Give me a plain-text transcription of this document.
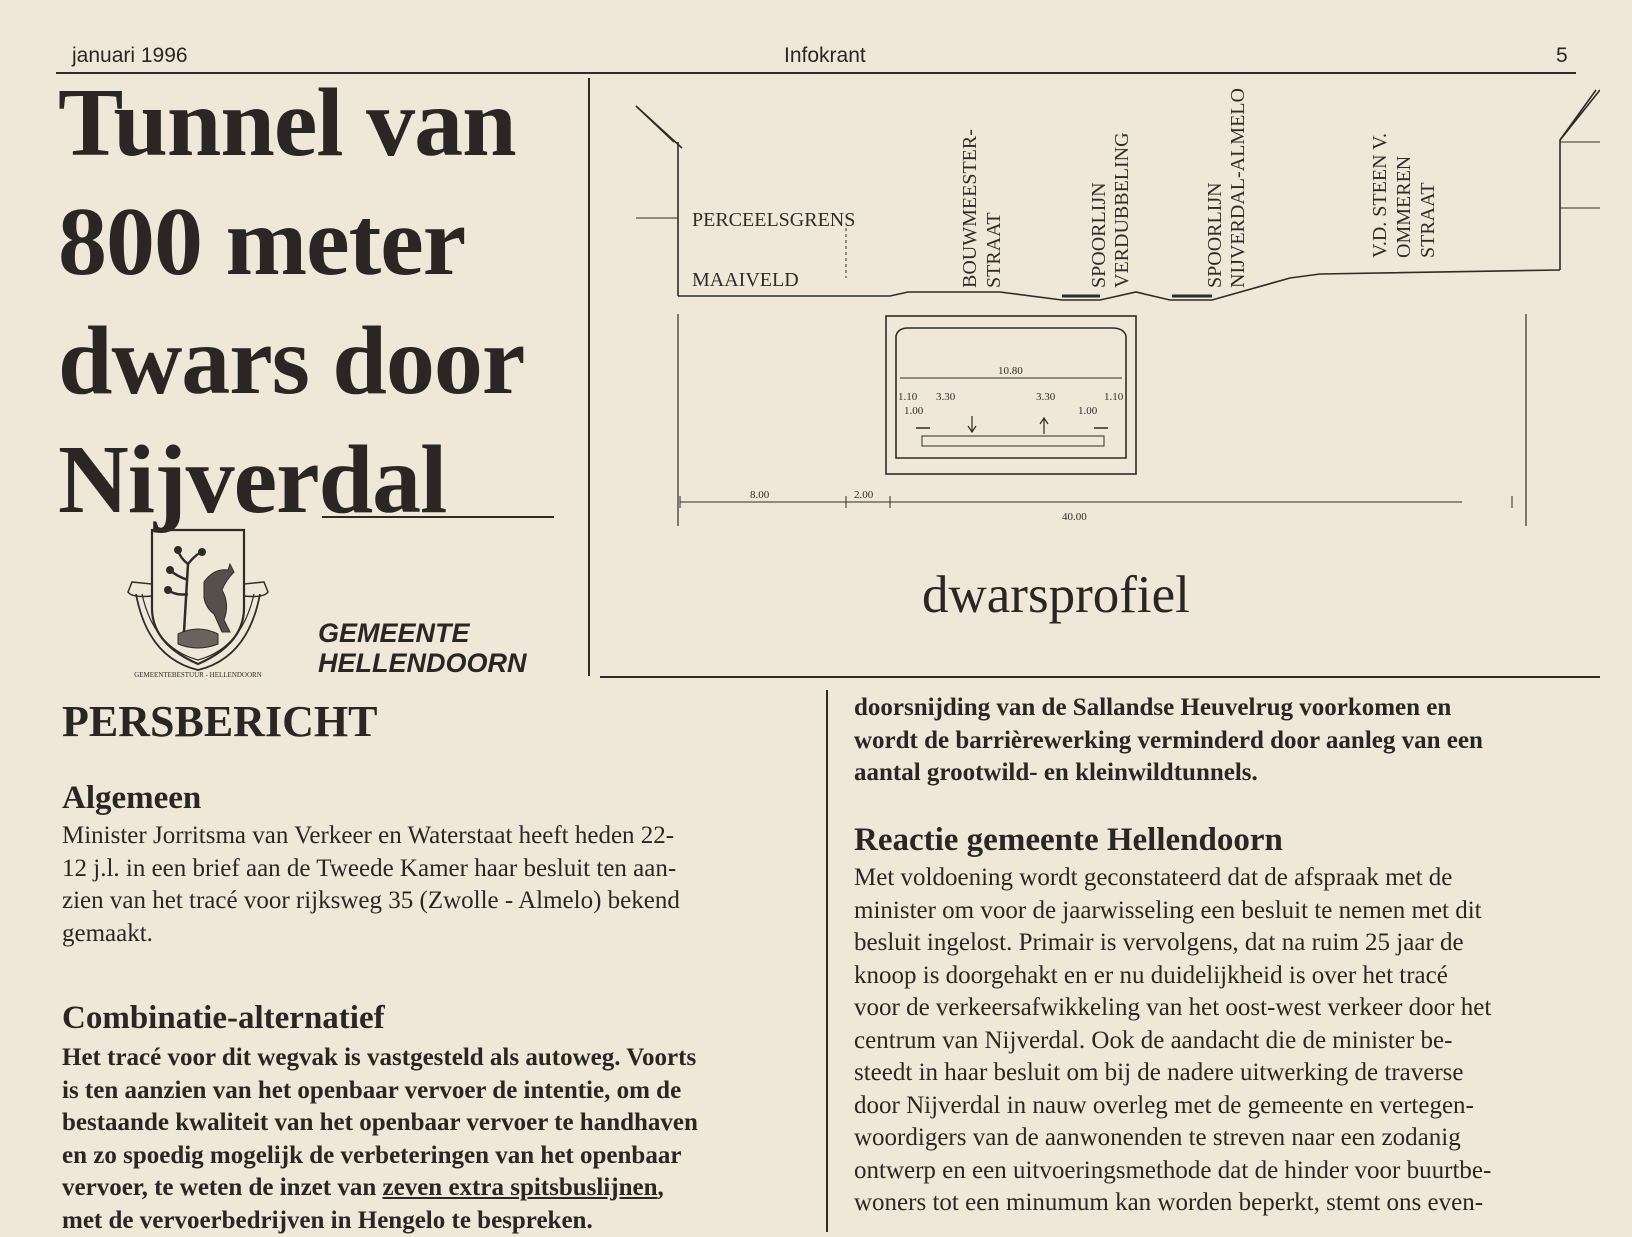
januari 1996	Infokrant	5
Tunnel van
800 meter
dwars door
Nijverdal
GEMEENTEBESTUUR - HELLENDOORN
GEMEENTE
HELLENDOORN
PERCEELSGRENS
MAAIVELD	BOUWMEESTER- STRAAT	SPOORLIJN VERDUBBELING	SPOORLIJN NIJVERDAL-ALMELO	V.D. STEEN V. OMMEREN STRAAT
10.80
1.10 3.30	3.30	1.10
1.00	1.00
8.00	2.00
40.00
dwarsprofiel
PERSBERICHT
Algemeen
Minister Jorritsma van Verkeer en Waterstaat heeft heden 22-
12 j.l. in een brief aan de Tweede Kamer haar besluit ten aan-
zien van het tracé voor rijksweg 35 (Zwolle - Almelo) bekend
gemaakt.
Combinatie-alternatief
Het tracé voor dit wegvak is vastgesteld als autoweg. Voorts
is ten aanzien van het openbaar vervoer de intentie, om de
bestaande kwaliteit van het openbaar vervoer te handhaven
en zo spoedig mogelijk de verbeteringen van het openbaar
vervoer, te weten de inzet van zeven extra spitsbuslijnen,
met de vervoerbedrijven in Hengelo te bespreken.
doorsnijding van de Sallandse Heuvelrug voorkomen en
wordt de barrièrewerking verminderd door aanleg van een
aantal grootwild- en kleinwildtunnels.
Reactie gemeente Hellendoorn
Met voldoening wordt geconstateerd dat de afspraak met de
minister om voor de jaarwisseling een besluit te nemen met dit
besluit ingelost. Primair is vervolgens, dat na ruim 25 jaar de
knoop is doorgehakt en er nu duidelijkheid is over het tracé
voor de verkeersafwikkeling van het oost-west verkeer door het
centrum van Nijverdal. Ook de aandacht die de minister be-
steedt in haar besluit om bij de nadere uitwerking de traverse
door Nijverdal in nauw overleg met de gemeente en vertegen-
woordigers van de aanwonenden te streven naar een zodanig
ontwerp en een uitvoeringsmethode dat de hinder voor buurtbe-
woners tot een minumum kan worden beperkt, stemt ons even-
